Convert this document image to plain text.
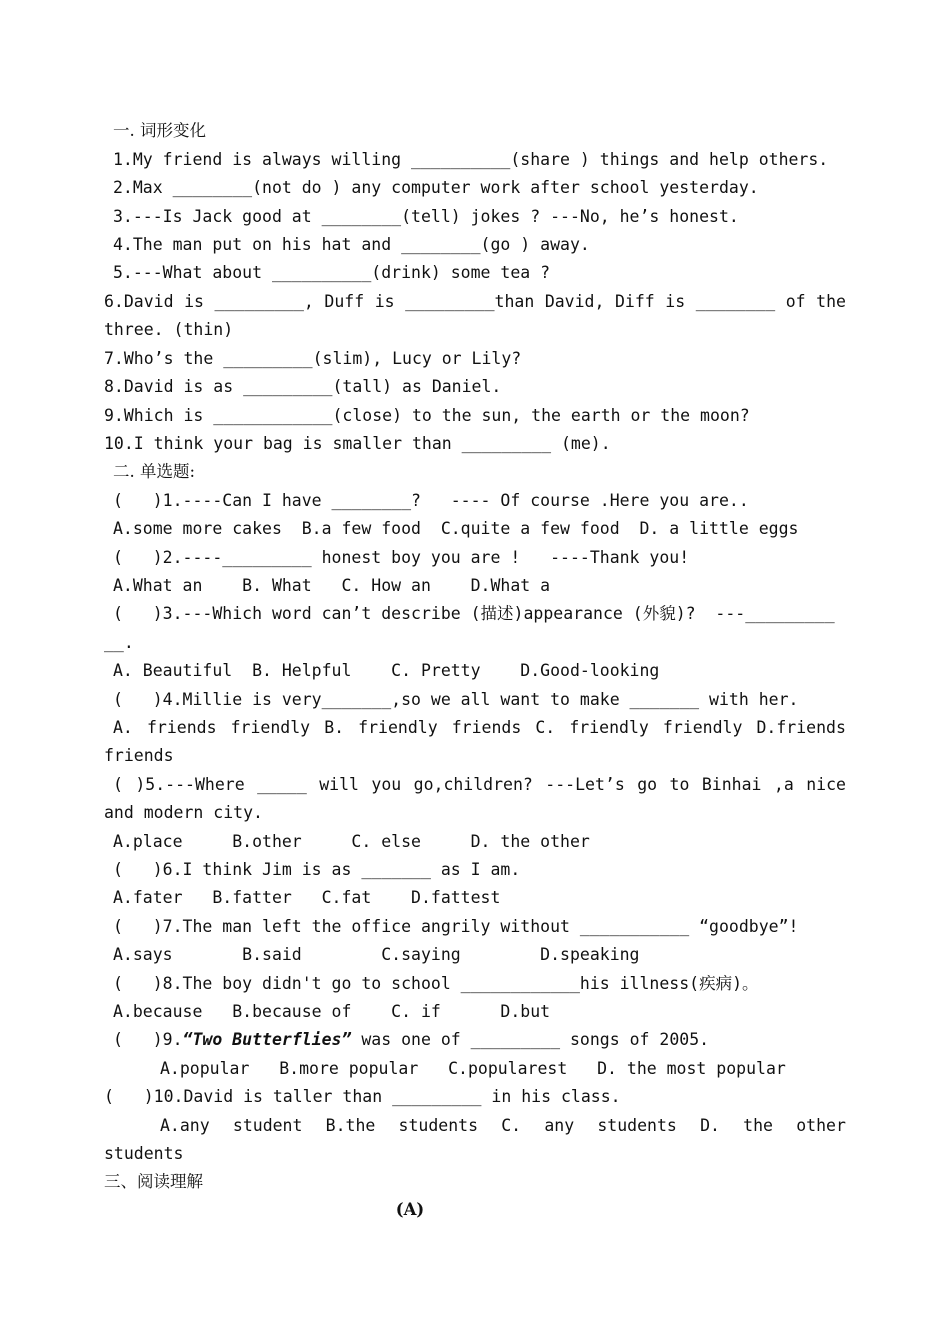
一. 词形变化
1.My friend is always willing __________(share ) things and help others.
2.Max ________(not do ) any computer work after school yesterday.
3.---Is Jack good at ________(tell) jokes ? ---No, he’s honest.
4.The man put on his hat and ________(go ) away.
5.---What about __________(drink) some tea ?
6.David is _________, Duff is _________than David, Diff is ________ of the
three. (thin)
7.Who’s the _________(slim), Lucy or Lily?
8.David is as _________(tall) as Daniel.
9.Which is ____________(close) to the sun, the earth or the moon?
10.I think your bag is smaller than _________ (me).
二. 单选题:
(   )1.----Can I have ________?   ---- Of course .Here you are..
A.some more cakes  B.a few food  C.quite a few food  D. a little eggs
(   )2.----_________ honest boy you are !   ----Thank you!
A.What an    B. What   C. How an    D.What a
(   )3.---Which word can’t describe (描述)appearance (外貌)?  ---_________
__.
A. Beautiful  B. Helpful    C. Pretty    D.Good-looking
(   )4.Millie is very_______,so we all want to make _______ with her.
A. friends friendly B. friendly friends C. friendly friendly D.friends
friends
( )5.---Where _____ will you go,children? ---Let’s go to Binhai ,a nice
and modern city.
A.place     B.other     C. else     D. the other
(   )6.I think Jim is as _______ as I am.
A.fater   B.fatter   C.fat    D.fattest
(   )7.The man left the office angrily without ___________ “goodbye”!
A.says       B.said        C.saying        D.speaking
(   )8.The boy didn't go to school ____________his illness(疾病)。
A.because   B.because of    C. if      D.but
(   )9.“Two Butterflies” was one of _________ songs of 2005.
A.popular   B.more popular   C.popularest   D. the most popular
(   )10.David is taller than _________ in his class.
A.any student B.the students C. any students D. the other
students
三、阅读理解
(A)
